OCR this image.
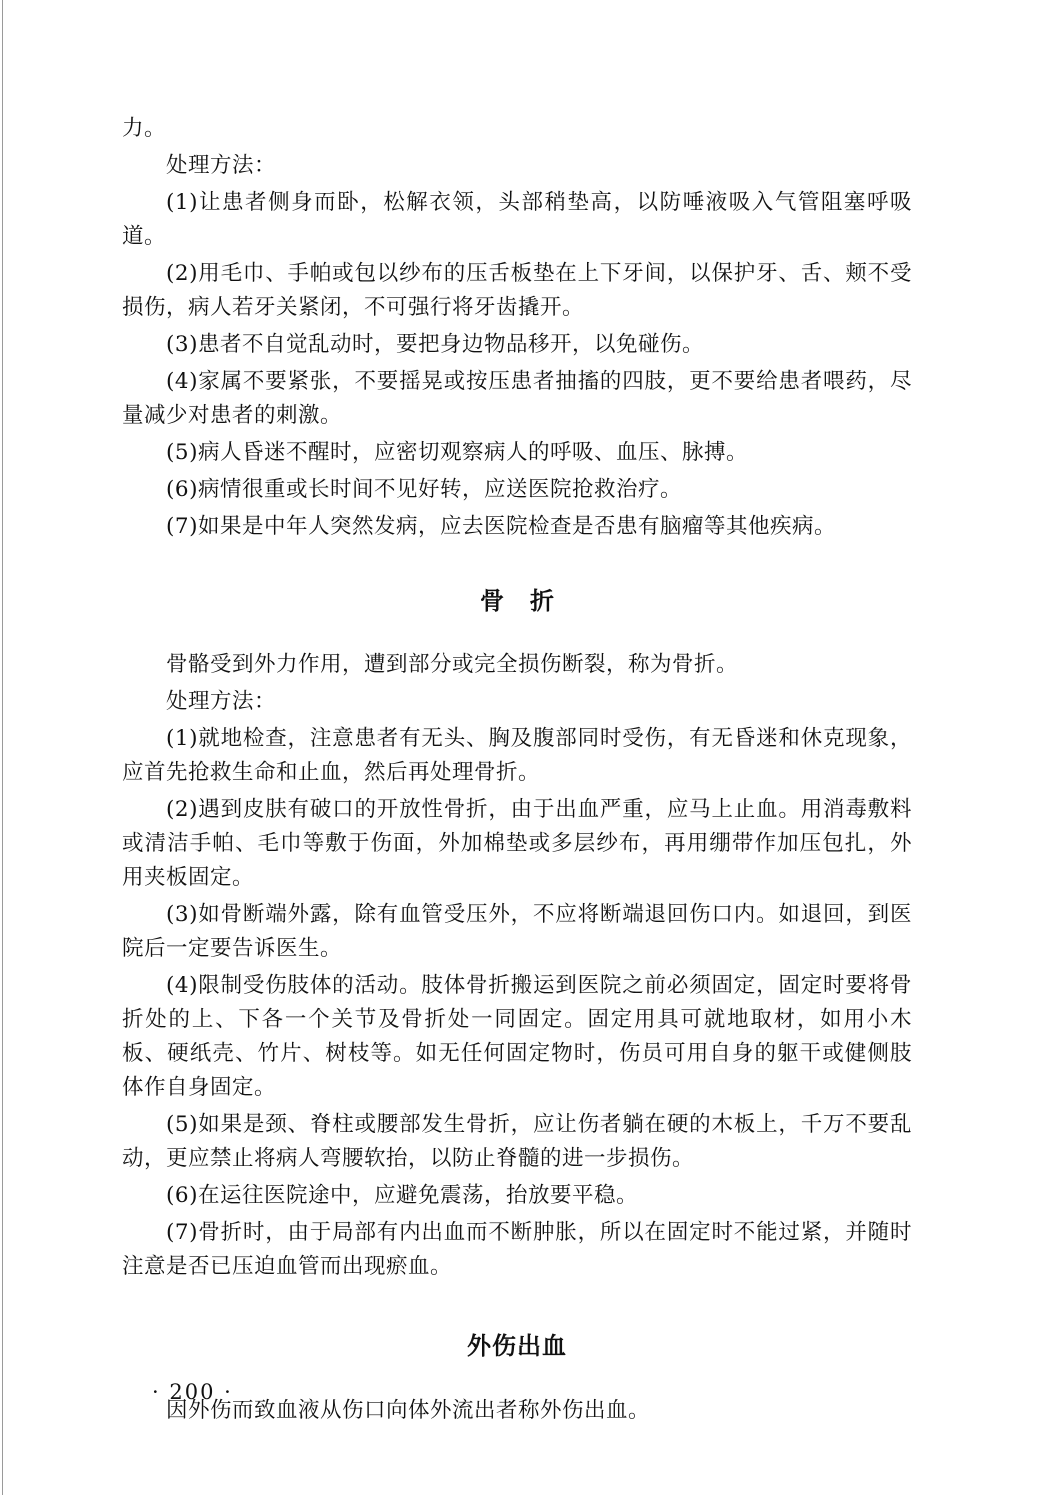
力。

处理方法：

(1)让患者侧身而卧，松解衣领，头部稍垫高，以防唾液吸入气管阻塞呼吸道。

(2)用毛巾、手帕或包以纱布的压舌板垫在上下牙间，以保护牙、舌、颊不受损伤，病人若牙关紧闭，不可强行将牙齿撬开。

(3)患者不自觉乱动时，要把身边物品移开，以免碰伤。

(4)家属不要紧张，不要摇晃或按压患者抽搐的四肢，更不要给患者喂药，尽量减少对患者的刺激。

(5)病人昏迷不醒时，应密切观察病人的呼吸、血压、脉搏。

(6)病情很重或长时间不见好转，应送医院抢救治疗。

(7)如果是中年人突然发病，应去医院检查是否患有脑瘤等其他疾病。

骨折

骨骼受到外力作用，遭到部分或完全损伤断裂，称为骨折。

处理方法：

(1)就地检查，注意患者有无头、胸及腹部同时受伤，有无昏迷和休克现象，应首先抢救生命和止血，然后再处理骨折。

(2)遇到皮肤有破口的开放性骨折，由于出血严重，应马上止血。用消毒敷料或清洁手帕、毛巾等敷于伤面，外加棉垫或多层纱布，再用绷带作加压包扎，外用夹板固定。

(3)如骨断端外露，除有血管受压外，不应将断端退回伤口内。如退回，到医院后一定要告诉医生。

(4)限制受伤肢体的活动。肢体骨折搬运到医院之前必须固定，固定时要将骨折处的上、下各一个关节及骨折处一同固定。固定用具可就地取材，如用小木板、硬纸壳、竹片、树枝等。如无任何固定物时，伤员可用自身的躯干或健侧肢体作自身固定。

(5)如果是颈、脊柱或腰部发生骨折，应让伤者躺在硬的木板上，千万不要乱动，更应禁止将病人弯腰软抬，以防止脊髓的进一步损伤。

(6)在运往医院途中，应避免震荡，抬放要平稳。

(7)骨折时，由于局部有内出血而不断肿胀，所以在固定时不能过紧，并随时注意是否已压迫血管而出现瘀血。

外伤出血

因外伤而致血液从伤口向体外流出者称外伤出血。

· 200 ·
